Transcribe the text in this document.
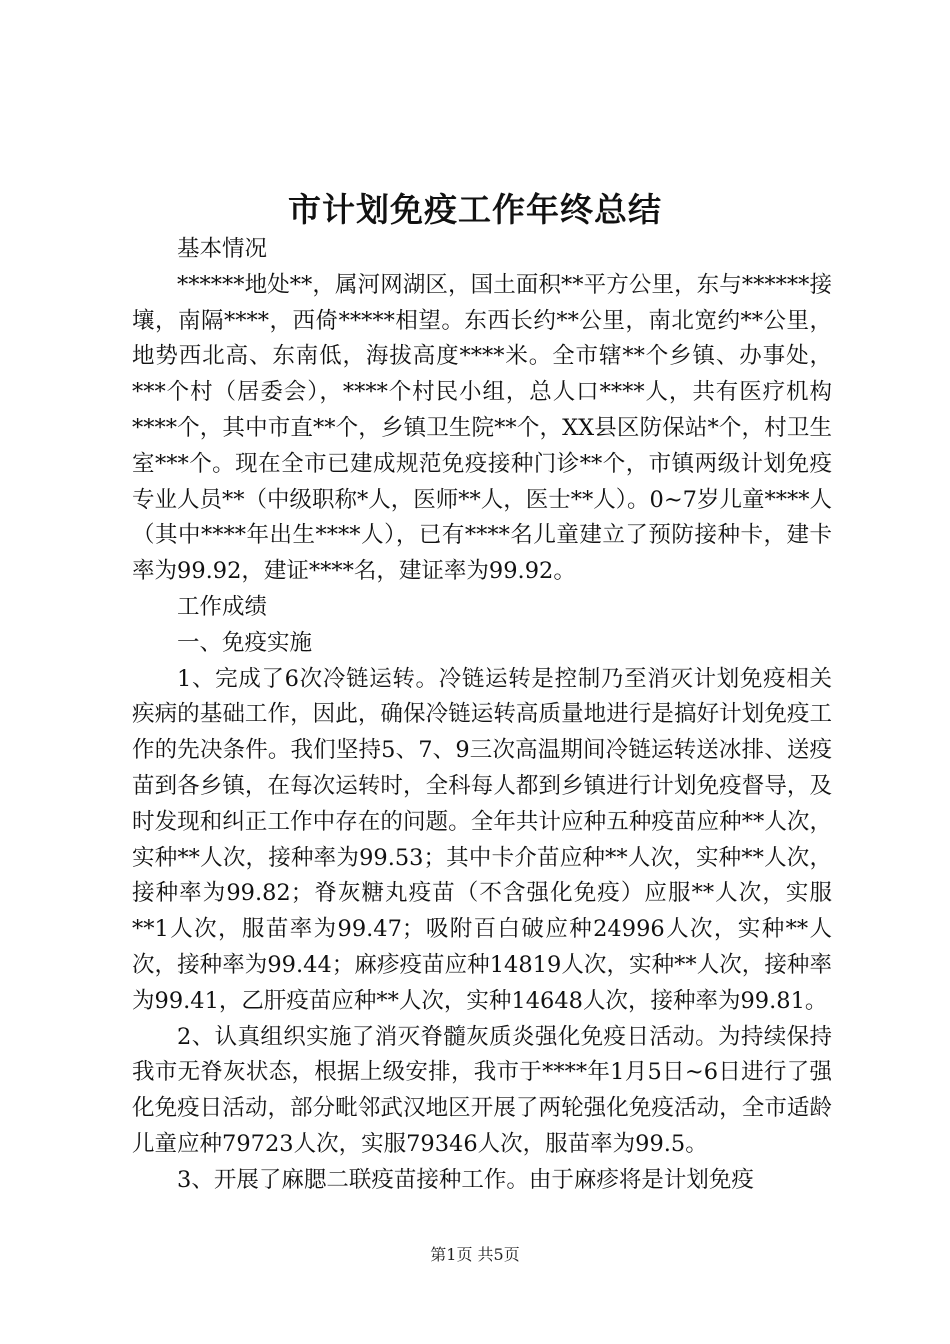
市计划免疫工作年终总结

基本情况

******地处**，属河网湖区，国土面积**平方公里，东与******接壤，南隔****，西倚*****相望。东西长约**公里，南北宽约**公里，地势西北高、东南低，海拔高度****米。全市辖**个乡镇、办事处，***个村（居委会），****个村民小组，总人口****人，共有医疗机构****个，其中市直**个，乡镇卫生院**个，XX县区防保站*个，村卫生室***个。现在全市已建成规范免疫接种门诊**个，市镇两级计划免疫专业人员**（中级职称*人，医师**人，医士**人）。0~7岁儿童****人（其中****年出生****人），已有****名儿童建立了预防接种卡，建卡率为99.92，建证****名，建证率为99.92。

工作成绩

一、免疫实施

1、完成了6次冷链运转。冷链运转是控制乃至消灭计划免疫相关疾病的基础工作，因此，确保冷链运转高质量地进行是搞好计划免疫工作的先决条件。我们坚持5、7、9三次高温期间冷链运转送冰排、送疫苗到各乡镇，在每次运转时，全科每人都到乡镇进行计划免疫督导，及时发现和纠正工作中存在的问题。全年共计应种五种疫苗应种**人次，实种**人次，接种率为99.53；其中卡介苗应种**人次，实种**人次，接种率为99.82；脊灰糖丸疫苗（不含强化免疫）应服**人次，实服**1人次，服苗率为99.47；吸附百白破应种24996人次，实种**人次，接种率为99.44；麻疹疫苗应种14819人次，实种**人次，接种率为99.41，乙肝疫苗应种**人次，实种14648人次，接种率为99.81。

2、认真组织实施了消灭脊髓灰质炎强化免疫日活动。为持续保持我市无脊灰状态，根据上级安排，我市于****年1月5日~6日进行了强化免疫日活动，部分毗邻武汉地区开展了两轮强化免疫活动，全市适龄儿童应种79723人次，实服79346人次，服苗率为99.5。

3、开展了麻腮二联疫苗接种工作。由于麻疹将是计划免疫

第1页 共5页
